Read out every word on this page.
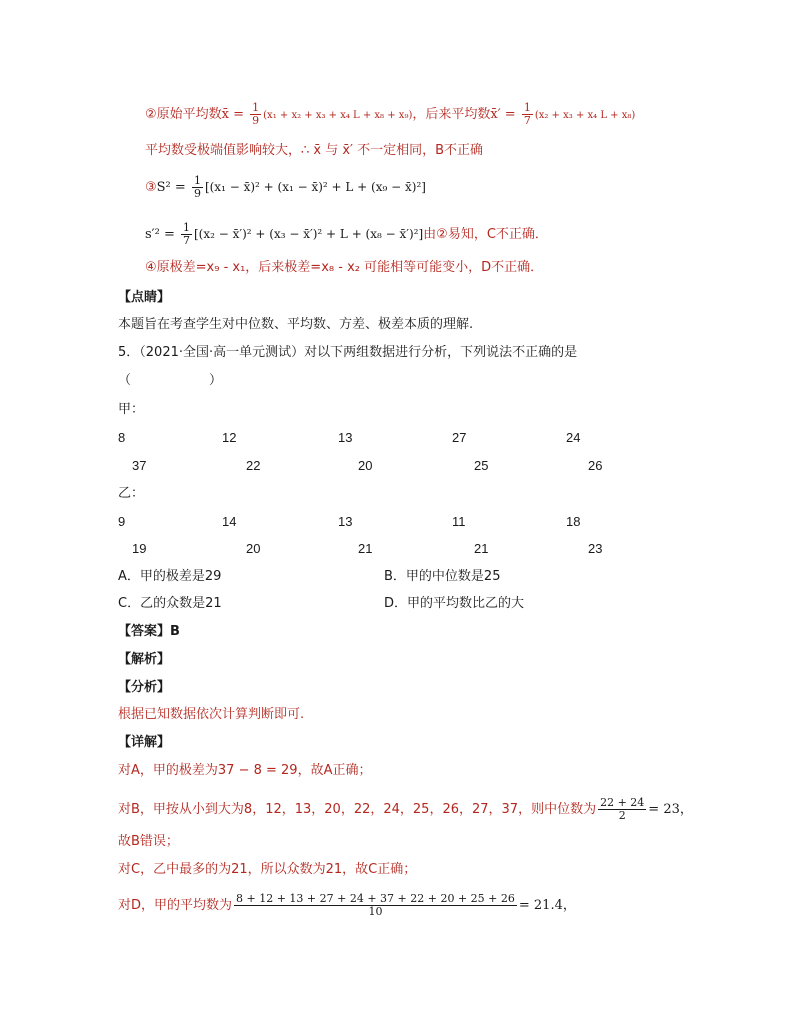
②原始平均数x̄ = $\frac{1}{9} (x_1 + x_2 + x_3 + x_4$ L + x₈ + x₉)，后来平均数x̄′ = $\frac{1}{7} (x_2 + x_3 + x_4$ L + x₈)
平均数受极端值影响较大，∴ x̄ 与 x̄′ 不一定相同，B不正确
③S² = $\frac{1}{9} [(x_1$ − x̄)² + (x₁ − x̄)² + L + (x₉ − x̄)²]
$s'^2 = \frac{1}{7} [(x_2$ − x̄′)² + (x₃ − x̄′)² + L + (x₈ − x̄′)²]由②易知，C不正确．
④原极差=x₉ - x₁，后来极差=x₈ - x₂ 可能相等可能变小，D不正确．
【点睛】
本题旨在考查学生对中位数、平均数、方差、极差本质的理解.
5．（2021·全国·高一单元测试）对以下两组数据进行分析，下列说法不正确的是
（　　　　　　）
甲：
8	12	13	27	24
37	22	20	25	26
乙：
9	14	13	11	18
19	20	21	21	23
A．甲的极差是29	B．甲的中位数是25
C．乙的众数是21	D．甲的平均数比乙的大
【答案】B
【解析】
【分析】
根据已知数据依次计算判断即可.
【详解】
对A，甲的极差为37 − 8 = 29，故A正确；
对B，甲按从小到大为8，12，13，20，22，24，25，26，27，37，则中位数为 $\frac{22 + 24}{2} = 23$，
故B错误；
对C，乙中最多的为21，所以众数为21，故C正确；
对D，甲的平均数为 $\frac{8 + 12 + 13 + 27 + 24 + 37 + 22 + 20 + 25 + 26}{10} = 21.4$，
